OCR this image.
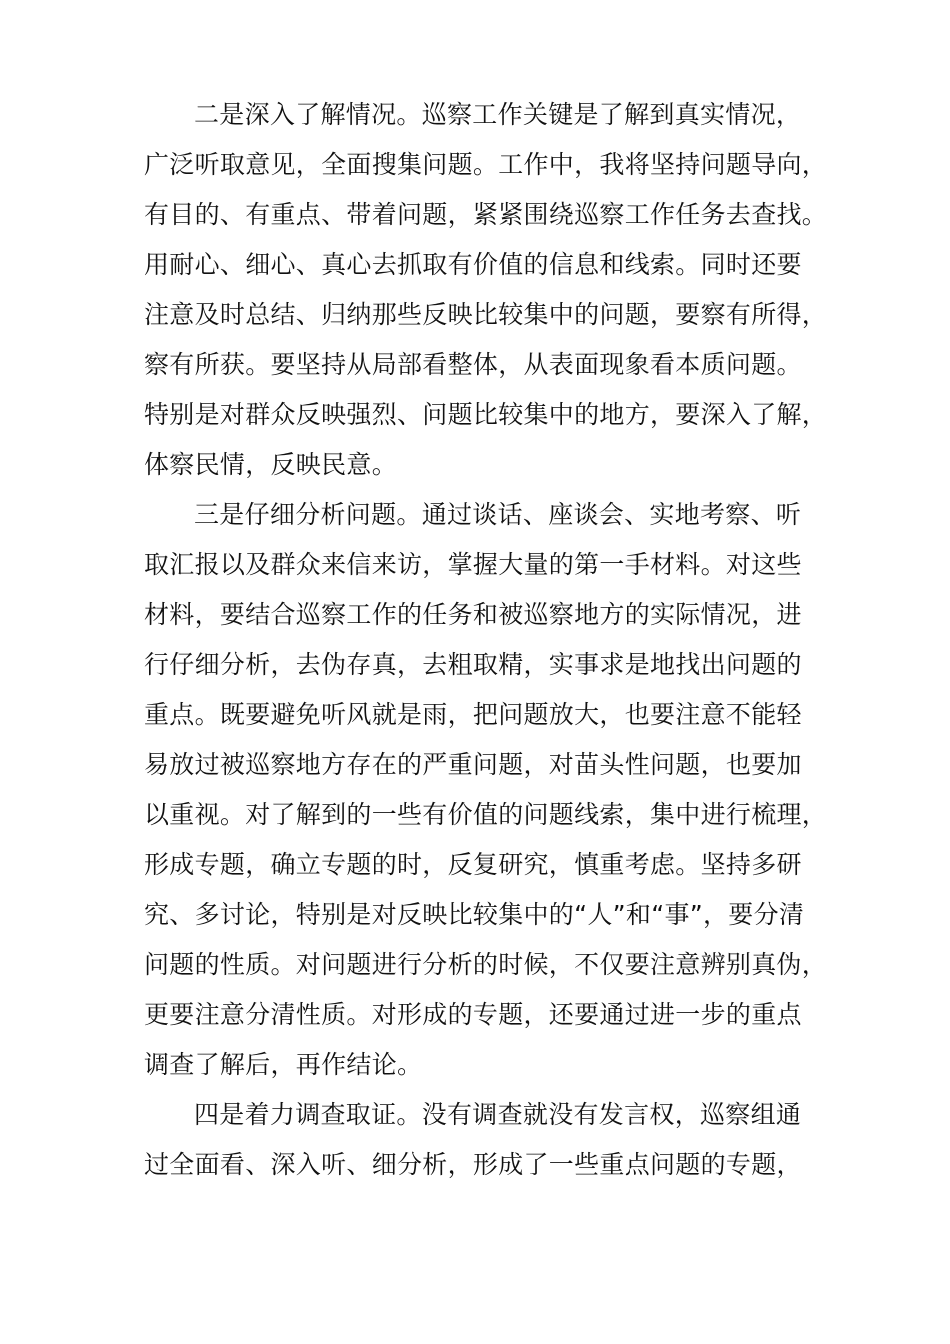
二是深入了解情况。巡察工作关键是了解到真实情况，
广泛听取意见，全面搜集问题。工作中，我将坚持问题导向，
有目的、有重点、带着问题，紧紧围绕巡察工作任务去查找。
用耐心、细心、真心去抓取有价值的信息和线索。同时还要
注意及时总结、归纳那些反映比较集中的问题，要察有所得，
察有所获。要坚持从局部看整体，从表面现象看本质问题。
特别是对群众反映强烈、问题比较集中的地方，要深入了解，
体察民情，反映民意。
三是仔细分析问题。通过谈话、座谈会、实地考察、听
取汇报以及群众来信来访，掌握大量的第一手材料。对这些
材料，要结合巡察工作的任务和被巡察地方的实际情况，进
行仔细分析，去伪存真，去粗取精，实事求是地找出问题的
重点。既要避免听风就是雨，把问题放大，也要注意不能轻
易放过被巡察地方存在的严重问题，对苗头性问题，也要加
以重视。对了解到的一些有价值的问题线索，集中进行梳理，
形成专题，确立专题的时，反复研究，慎重考虑。坚持多研
究、多讨论，特别是对反映比较集中的“人”和“事”，要分清
问题的性质。对问题进行分析的时候，不仅要注意辨别真伪，
更要注意分清性质。对形成的专题，还要通过进一步的重点
调查了解后，再作结论。
四是着力调查取证。没有调查就没有发言权，巡察组通
过全面看、深入听、细分析，形成了一些重点问题的专题，
